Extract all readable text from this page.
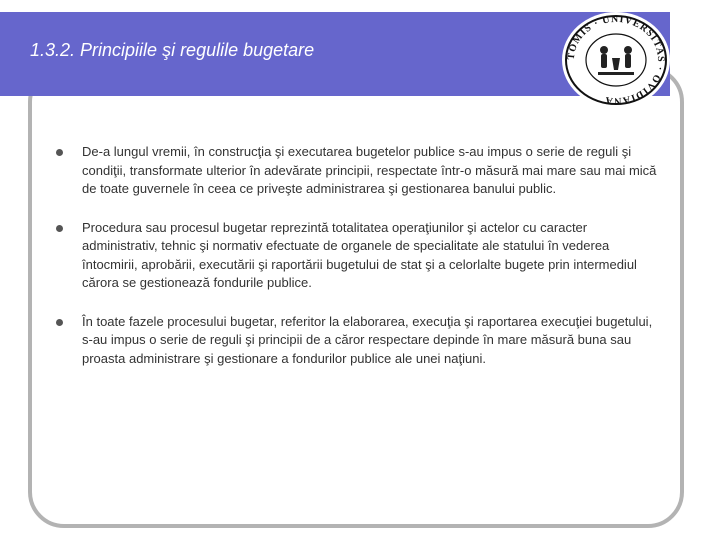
1.3.2. Principiile şi regulile bugetare	TOMIS · UNIVERSITAS · OVIDIANA
De-a lungul vremii, în construcţia şi executarea bugetelor publice s-au impus o serie de reguli şi condiţii, transformate ulterior în adevărate principii, respectate într-o măsură mai mare sau mai mică de toate guvernele în ceea ce priveşte administrarea şi gestionarea banului public.
Procedura sau procesul bugetar reprezintă totalitatea operaţiunilor şi actelor cu caracter administrativ, tehnic şi normativ efectuate de organele de specialitate ale statului în vederea întocmirii, aprobării, executării şi raportării bugetului de stat şi a celorlalte bugete prin intermediul cărora se gestionează fondurile publice.
În toate fazele procesului bugetar, referitor la elaborarea, execuţia şi raportarea execuţiei bugetului, s-au impus o serie de reguli şi principii de a căror respectare depinde în mare măsură buna sau proasta administrare şi gestionare a fondurilor publice ale unei naţiuni.
